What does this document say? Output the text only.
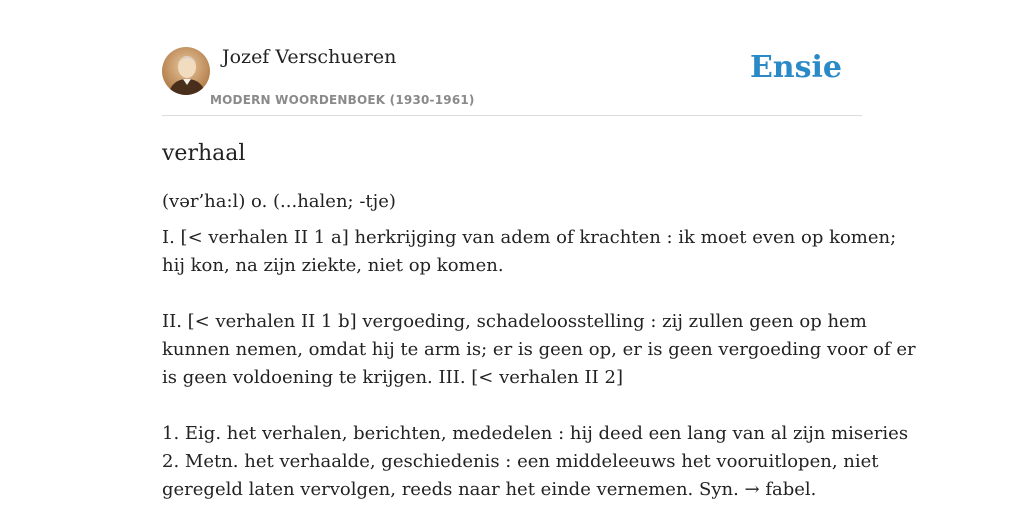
Jozef Verschueren
MODERN WOORDENBOEK (1930-1961)
Ensie
verhaal
(vər’ha:l) o. (...halen; -tje)
I. [< verhalen II 1 a] herkrijging van adem of krachten : ik moet even op komen;
hij kon, na zijn ziekte, niet op komen.
II. [< verhalen II 1 b] vergoeding, schadeloosstelling : zij zullen geen op hem
kunnen nemen, omdat hij te arm is; er is geen op, er is geen vergoeding voor of er
is geen voldoening te krijgen. III. [< verhalen II 2]
1. Eig. het verhalen, berichten, mededelen : hij deed een lang van al zijn miseries
2. Metn. het verhaalde, geschiedenis : een middeleeuws het vooruitlopen, niet
geregeld laten vervolgen, reeds naar het einde vernemen. Syn. → fabel.
